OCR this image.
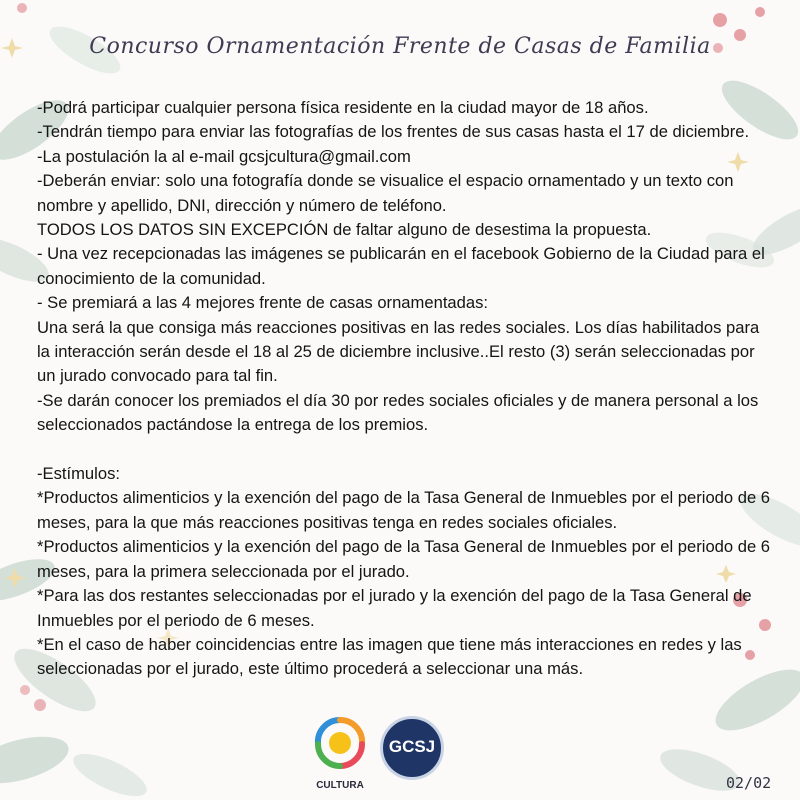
Concurso Ornamentación Frente de Casas de Familia

-Podrá participar cualquier persona física residente en la ciudad mayor de 18 años.

-Tendrán tiempo para enviar las fotografías de los frentes de sus casas hasta el 17 de diciembre.

-La postulación la al e-mail gcsjcultura@gmail.com

-Deberán enviar: solo una fotografía donde se visualice el espacio ornamentado y un texto con nombre y apellido, DNI, dirección y número de teléfono.

TODOS LOS DATOS SIN EXCEPCIÓN de faltar alguno de desestima la propuesta.

- Una vez recepcionadas las imágenes se publicarán en el facebook Gobierno de la Ciudad para el conocimiento de la comunidad.

- Se premiará a las 4 mejores frente de casas ornamentadas:

Una será la que consiga más reacciones positivas en las redes sociales. Los días habilitados para la interacción serán desde el 18 al 25 de diciembre inclusive..El resto (3) serán seleccionadas por un jurado convocado para tal fin.

-Se darán conocer los premiados el día 30 por redes sociales oficiales y de manera personal a los seleccionados pactándose la entrega de los premios.

-Estímulos:

*Productos alimenticios y la exención del pago de la Tasa General de Inmuebles por el periodo de 6 meses, para la que más reacciones positivas tenga en redes sociales oficiales.

*Productos alimenticios y la exención del pago de la Tasa General de Inmuebles por el periodo de 6 meses, para la primera seleccionada por el jurado.

*Para las dos restantes seleccionadas por el jurado y la exención del pago de la Tasa General de Inmuebles por el periodo de 6 meses.

*En el caso de haber coincidencias entre las imagen que tiene más interacciones en redes y las seleccionadas por el jurado, este último procederá a seleccionar una más.

CULTURA
GCSJ
02/02
